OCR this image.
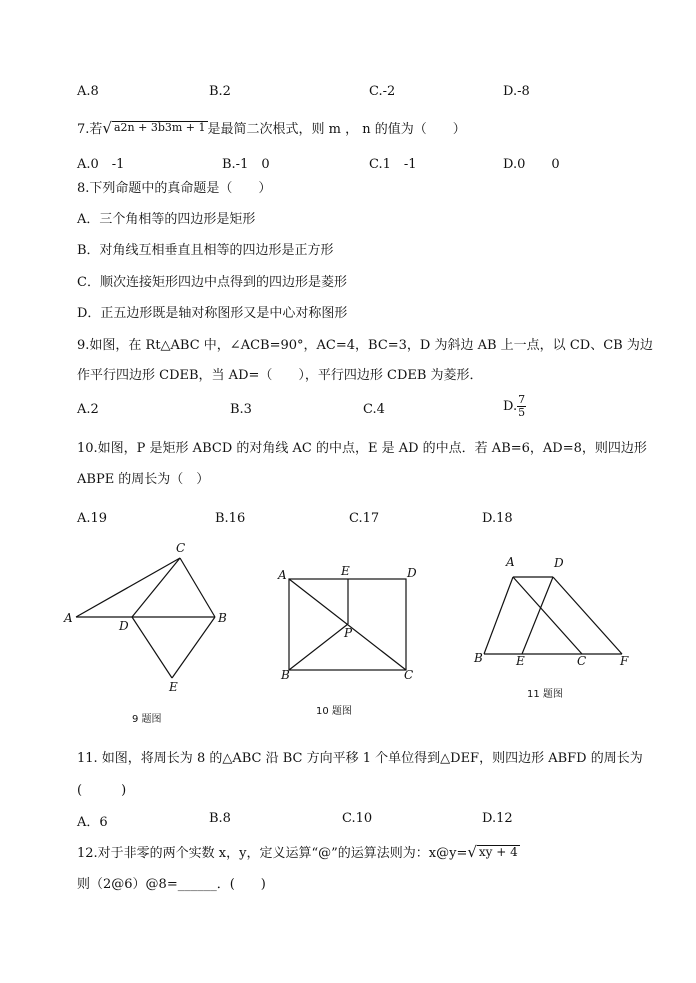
A.8	B.2	C.-2	D.-8
7.若 √ a2n + 3b3m + 1 是最简二次根式，则 m ， n 的值为（　　）
A.0　-1	B.-1　0	C.1　-1	D.0　　0
8.下列命题中的真命题是（　　）
A．三个角相等的四边形是矩形
B．对角线互相垂直且相等的四边形是正方形
C．顺次连接矩形四边中点得到的四边形是菱形
D．正五边形既是轴对称图形又是中心对称图形
9.如图，在 Rt△ABC 中，∠ACB=90°，AC=4，BC=3，D 为斜边 AB 上一点，以 CD、CB 为边
作平行四边形 CDEB，当 AD=（　　），平行四边形 CDEB 为菱形．
A.2	B.3	C.4	D. $\frac{7}{5}$
10.如图，P 是矩形 ABCD 的对角线 AC 的中点，E 是 AD 的中点．若 AB=6，AD=8，则四边形
ABPE 的周长为（　）
A.19	B.16	C.17	D.18
A
C
B
D
E
9 题图
A	E	D
P
B	C
10 题图
A	D
B	E	C	F
11 题图
11. 如图，将周长为 8 的△ABC 沿 BC 方向平移 1 个单位得到△DEF，则四边形 ABFD 的周长为
(　　　)
A．6	B.8	C.10	D.12
12.对于非零的两个实数 x，y，定义运算“@”的运算法则为：x@y= √ xy + 4
则（2@6）@8=______．(　　)
